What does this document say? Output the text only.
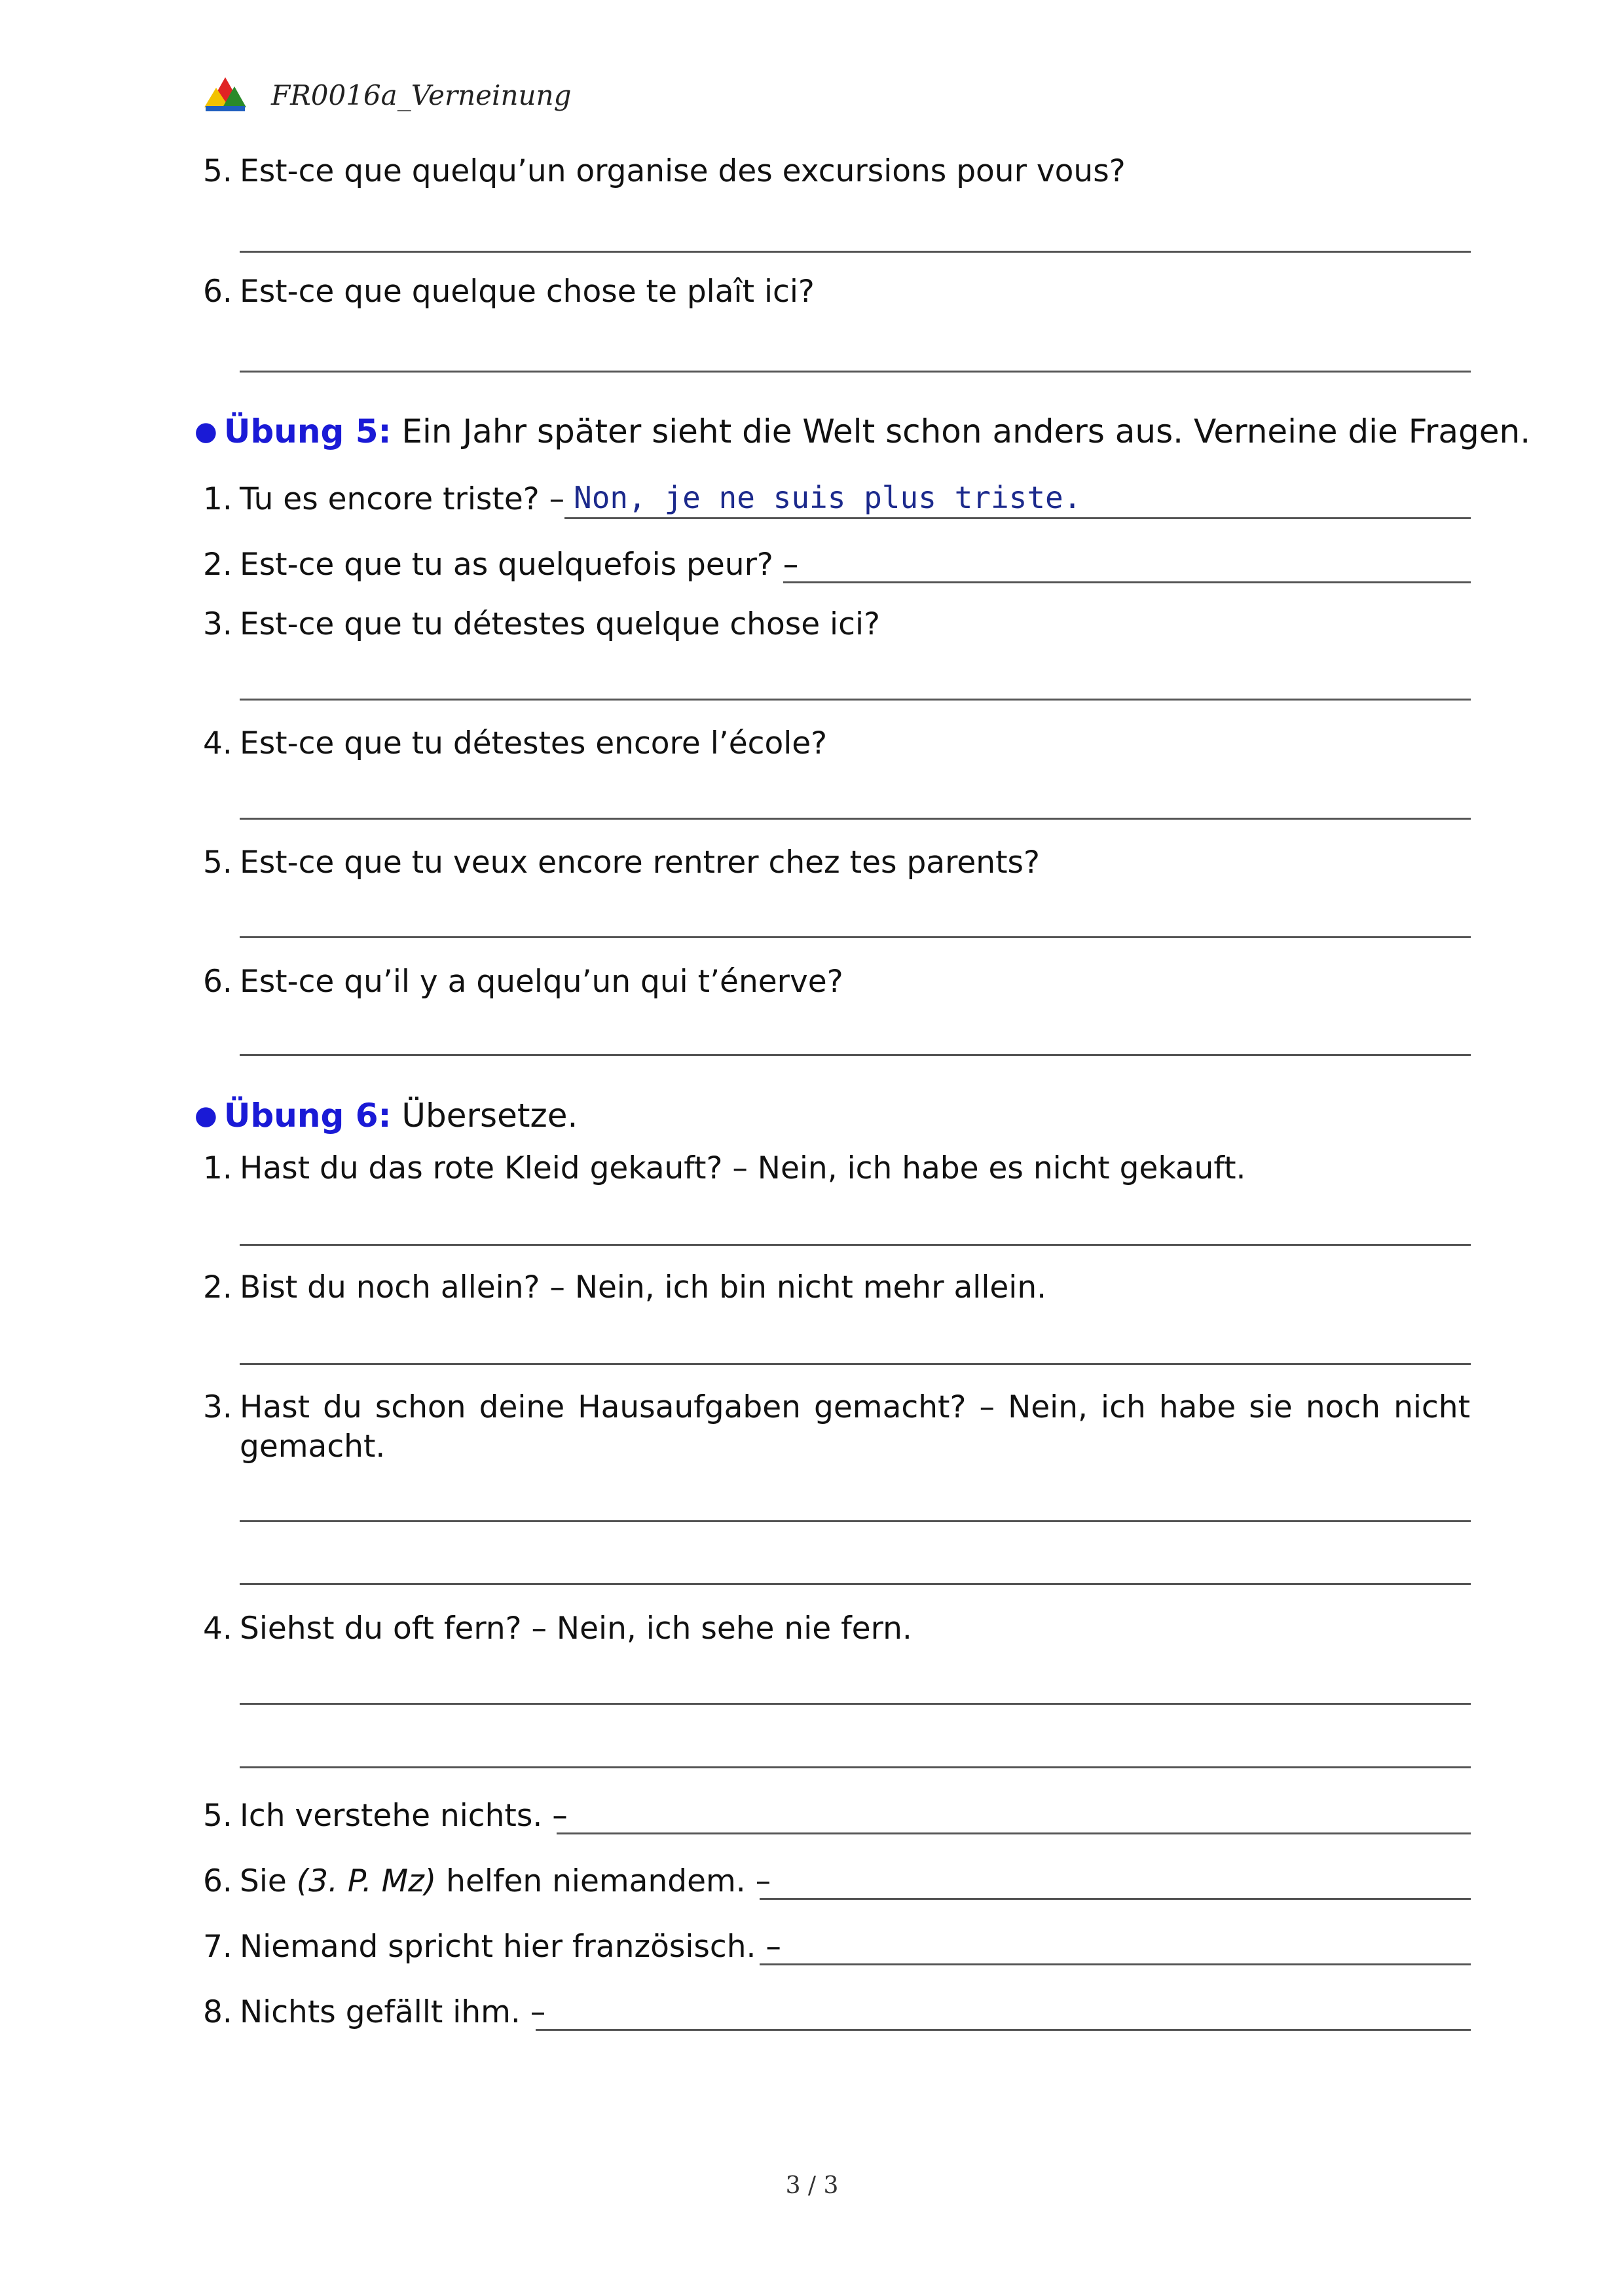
FR0016a_Verneinung
5. Est-ce que quelqu’un organise des excursions pour vous?
6. Est-ce que quelque chose te plaît ici?
● Übung 5: Ein Jahr später sieht die Welt schon anders aus. Verneine die Fragen.
1. Tu es encore triste? – Non, je ne suis plus triste.
2. Est-ce que tu as quelquefois peur? –
3. Est-ce que tu détestes quelque chose ici?
4. Est-ce que tu détestes encore l’école?
5. Est-ce que tu veux encore rentrer chez tes parents?
6. Est-ce qu’il y a quelqu’un qui t’énerve?
● Übung 6: Übersetze.
1. Hast du das rote Kleid gekauft? – Nein, ich habe es nicht gekauft.
2. Bist du noch allein? – Nein, ich bin nicht mehr allein.
3. Hast du schon deine Hausaufgaben gemacht? – Nein, ich habe sie noch nicht
gemacht.
4. Siehst du oft fern? – Nein, ich sehe nie fern.
5. Ich verstehe nichts. –
6. Sie (3. P. Mz) helfen niemandem. –
7. Niemand spricht hier französisch. –
8. Nichts gefällt ihm. –
3 / 3
